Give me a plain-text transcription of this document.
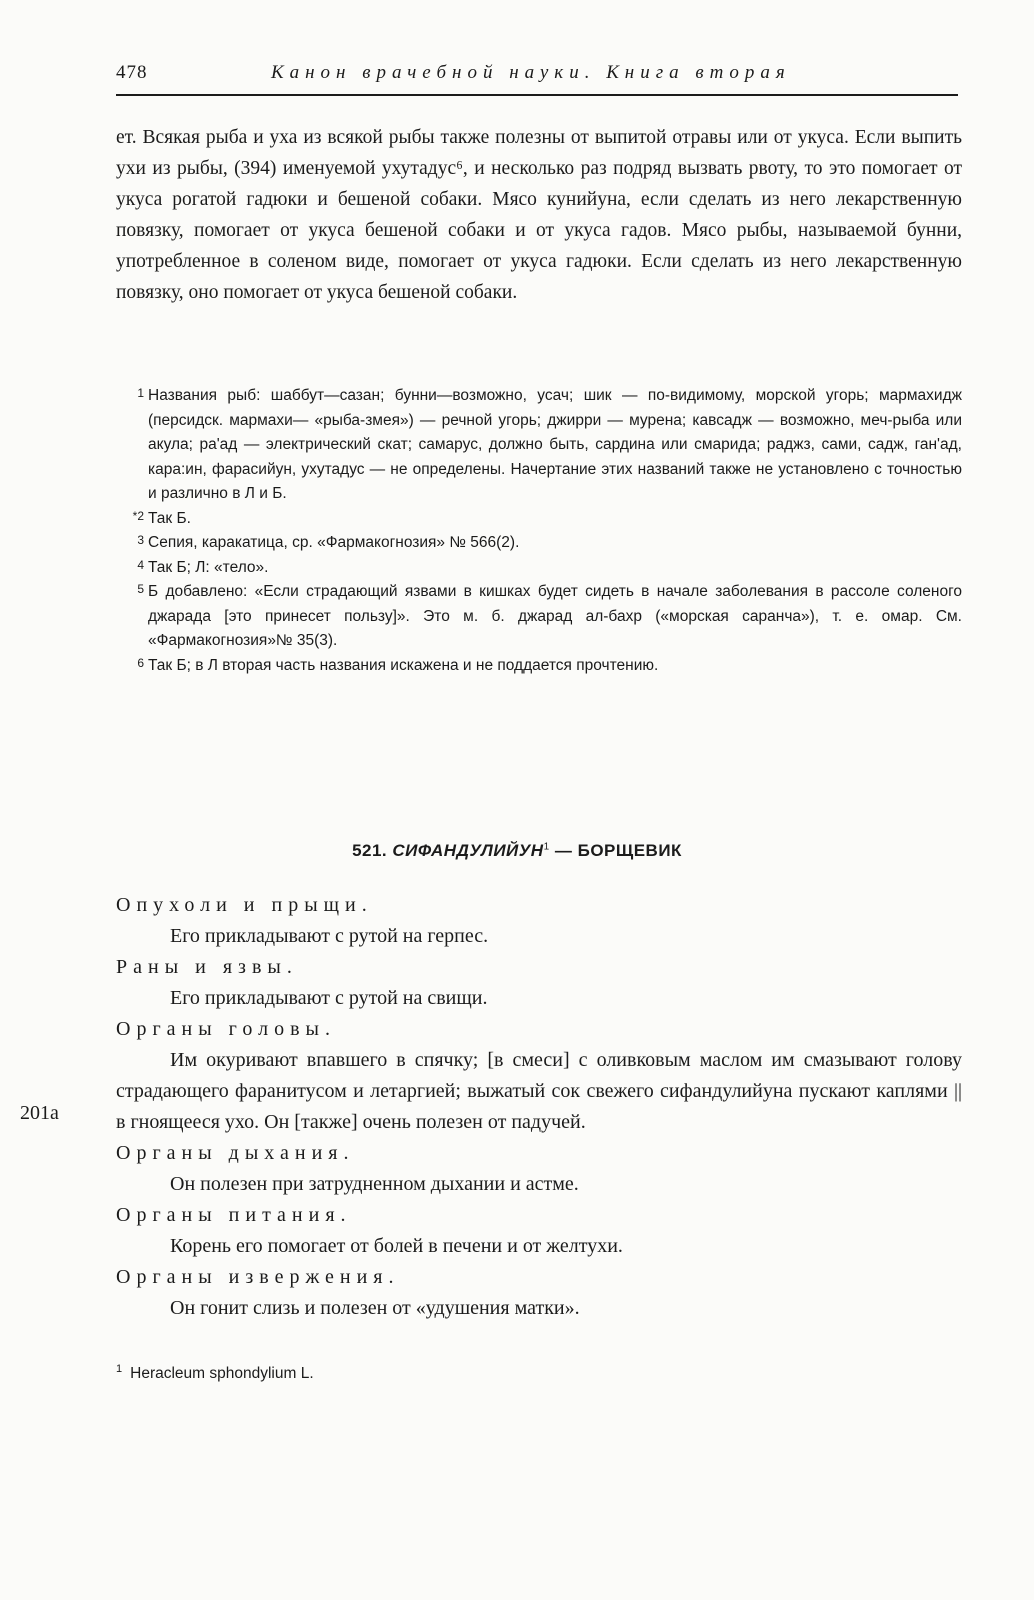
478	Канон врачебной науки. Книга вторая

ет. Всякая рыба и уха из всякой рыбы также полезны от выпитой отравы или от укуса. Если выпить ухи из рыбы, (394) именуемой ухутадус⁶, и несколько раз подряд вызвать рвоту, то это помогает от укуса рогатой гадюки и бешеной собаки. Мясо кунийуна, если сделать из него лекарственную повязку, помогает от укуса бешеной собаки и от укуса гадов. Мясо рыбы, называемой бунни, употребленное в соленом виде, помогает от укуса гадюки. Если сделать из него лекарственную повязку, оно помогает от укуса бешеной собаки.

1 Названия рыб: шаббут—сазан; бунни—возможно, усач; шик — по-видимому, морской угорь; мармахидж (персидск. мармахи— «рыба-змея») — речной угорь; джирри — мурена; кавсадж — возможно, меч-рыба или акула; ра'ад — электрический скат; самарус, должно быть, сардина или смарида; раджз, сами, садж, ган'ад, кара:ин, фарасийун, ухутадус — не определены. Начертание этих названий также не установлено с точностью и различно в Л и Б.
*2 Так Б.
3 Сепия, каракатица, ср. «Фармакогнозия» № 566(2).
4 Так Б; Л: «тело».
5 Б добавлено: «Если страдающий язвами в кишках будет сидеть в начале заболевания в рассоле соленого джарада [это принесет пользу]». Это м. б. джарад ал-бахр («морская саранча»), т. е. омар. См. «Фармакогнозия»№ 35(3).
6 Так Б; в Л вторая часть названия искажена и не поддается прочтению.
521. СИФАНДУЛИЙУН$^1$ — БОРЩЕВИК

Опухоли и прыщи.

Его прикладывают с рутой на герпес.

Раны и язвы.

Его прикладывают с рутой на свищи.

Органы головы.

Им окуривают впавшего в спячку; [в смеси] с оливковым маслом им смазывают голову страдающего фаранитусом и летаргией; выжатый сок свежего сифандулийуна пускают каплями || в гноящееся ухо. Он [также] очень полезен от падучей.

Органы дыхания.

Он полезен при затрудненном дыхании и астме.

Органы питания.

Корень его помогает от болей в печени и от желтухи.

Органы извержения.

Он гонит слизь и полезен от «удушения матки».

201а
$^1$ Heracleum sphondylium L.
